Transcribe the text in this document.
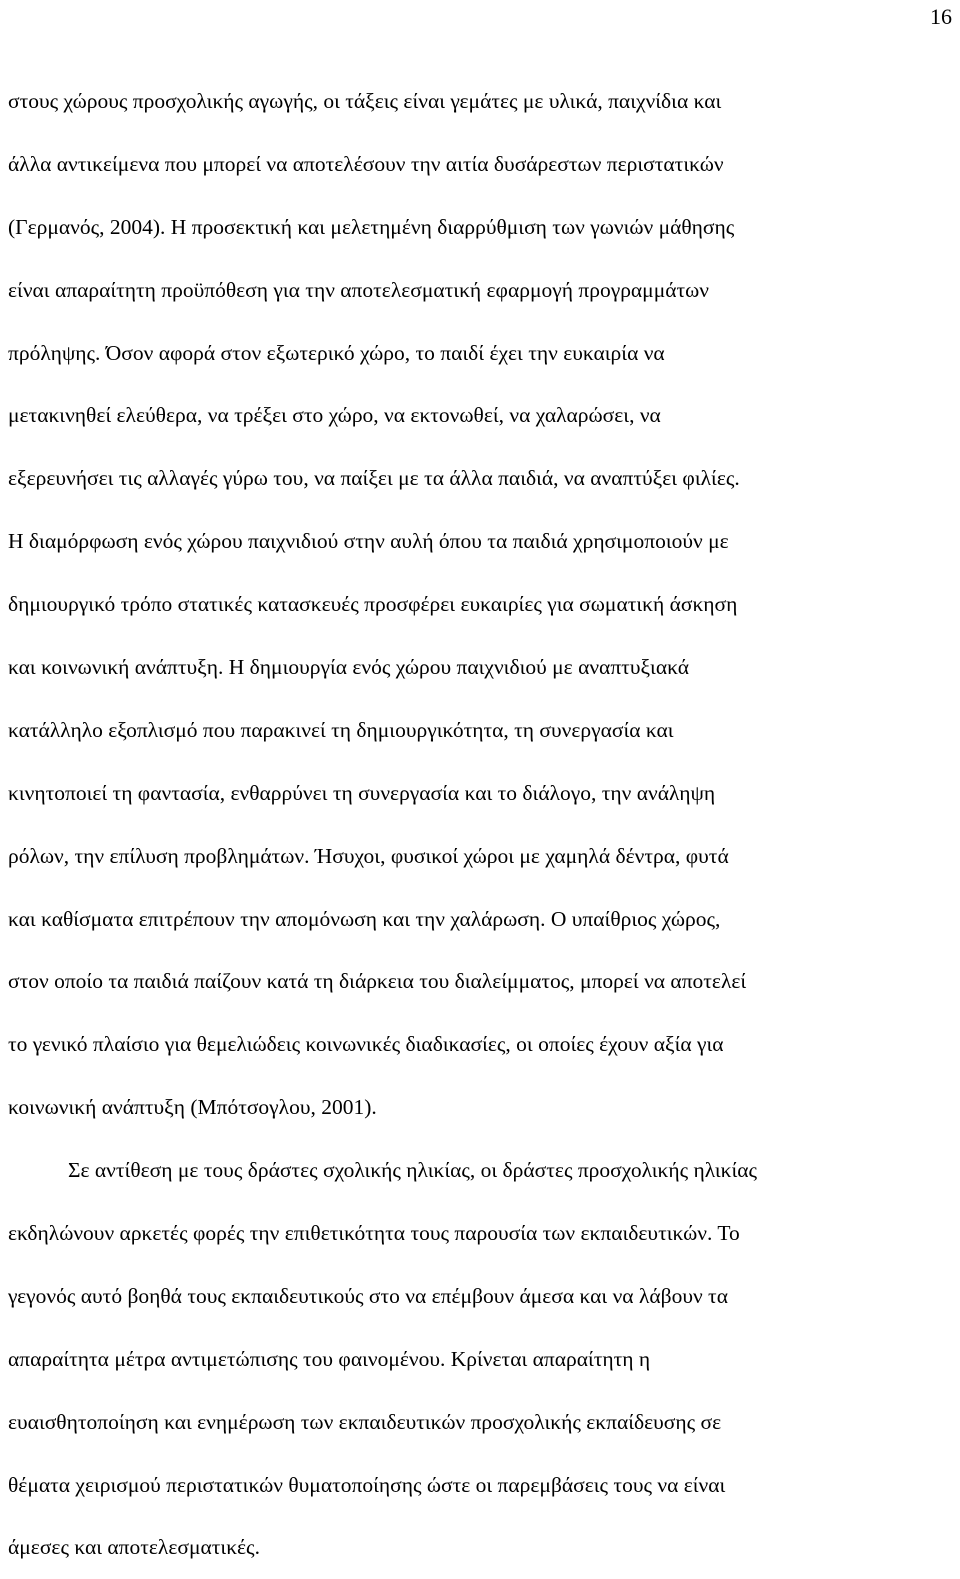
16
στους χώρους προσχολικής αγωγής, οι τάξεις είναι γεμάτες με υλικά, παιχνίδια και
άλλα αντικείμενα που μπορεί να αποτελέσουν την αιτία δυσάρεστων περιστατικών
(Γερμανός, 2004). Η προσεκτική και μελετημένη διαρρύθμιση των γωνιών μάθησης
είναι απαραίτητη προϋπόθεση για την αποτελεσματική εφαρμογή προγραμμάτων
πρόληψης. Όσον αφορά στον εξωτερικό χώρο, το παιδί έχει την ευκαιρία να
μετακινηθεί ελεύθερα, να τρέξει στο χώρο, να εκτονωθεί, να χαλαρώσει, να
εξερευνήσει τις αλλαγές γύρω του, να παίξει με τα άλλα παιδιά, να αναπτύξει φιλίες.
Η διαμόρφωση ενός χώρου παιχνιδιού στην αυλή όπου τα παιδιά χρησιμοποιούν με
δημιουργικό τρόπο στατικές κατασκευές προσφέρει ευκαιρίες για σωματική άσκηση
και κοινωνική ανάπτυξη. Η δημιουργία ενός χώρου παιχνιδιού με αναπτυξιακά
κατάλληλο εξοπλισμό που παρακινεί τη δημιουργικότητα, τη συνεργασία και
κινητοποιεί τη φαντασία, ενθαρρύνει τη συνεργασία και το διάλογο, την ανάληψη
ρόλων, την επίλυση προβλημάτων. Ήσυχοι, φυσικοί χώροι με χαμηλά δέντρα, φυτά
και καθίσματα επιτρέπουν την απομόνωση και την χαλάρωση. Ο υπαίθριος χώρος,
στον οποίο τα παιδιά παίζουν κατά τη διάρκεια του διαλείμματος, μπορεί να αποτελεί
το γενικό πλαίσιο για θεμελιώδεις κοινωνικές διαδικασίες, οι οποίες έχουν αξία για
κοινωνική ανάπτυξη (Μπότσογλου, 2001).
Σε αντίθεση με τους δράστες σχολικής ηλικίας, οι δράστες προσχολικής ηλικίας
εκδηλώνουν αρκετές φορές την επιθετικότητα τους παρουσία των εκπαιδευτικών. Το
γεγονός αυτό βοηθά τους εκπαιδευτικούς στο να επέμβουν άμεσα και να λάβουν τα
απαραίτητα μέτρα αντιμετώπισης του φαινομένου. Κρίνεται απαραίτητη η
ευαισθητοποίηση και ενημέρωση των εκπαιδευτικών προσχολικής εκπαίδευσης σε
θέματα χειρισμού περιστατικών θυματοποίησης ώστε οι παρεμβάσεις τους να είναι
άμεσες και αποτελεσματικές.
